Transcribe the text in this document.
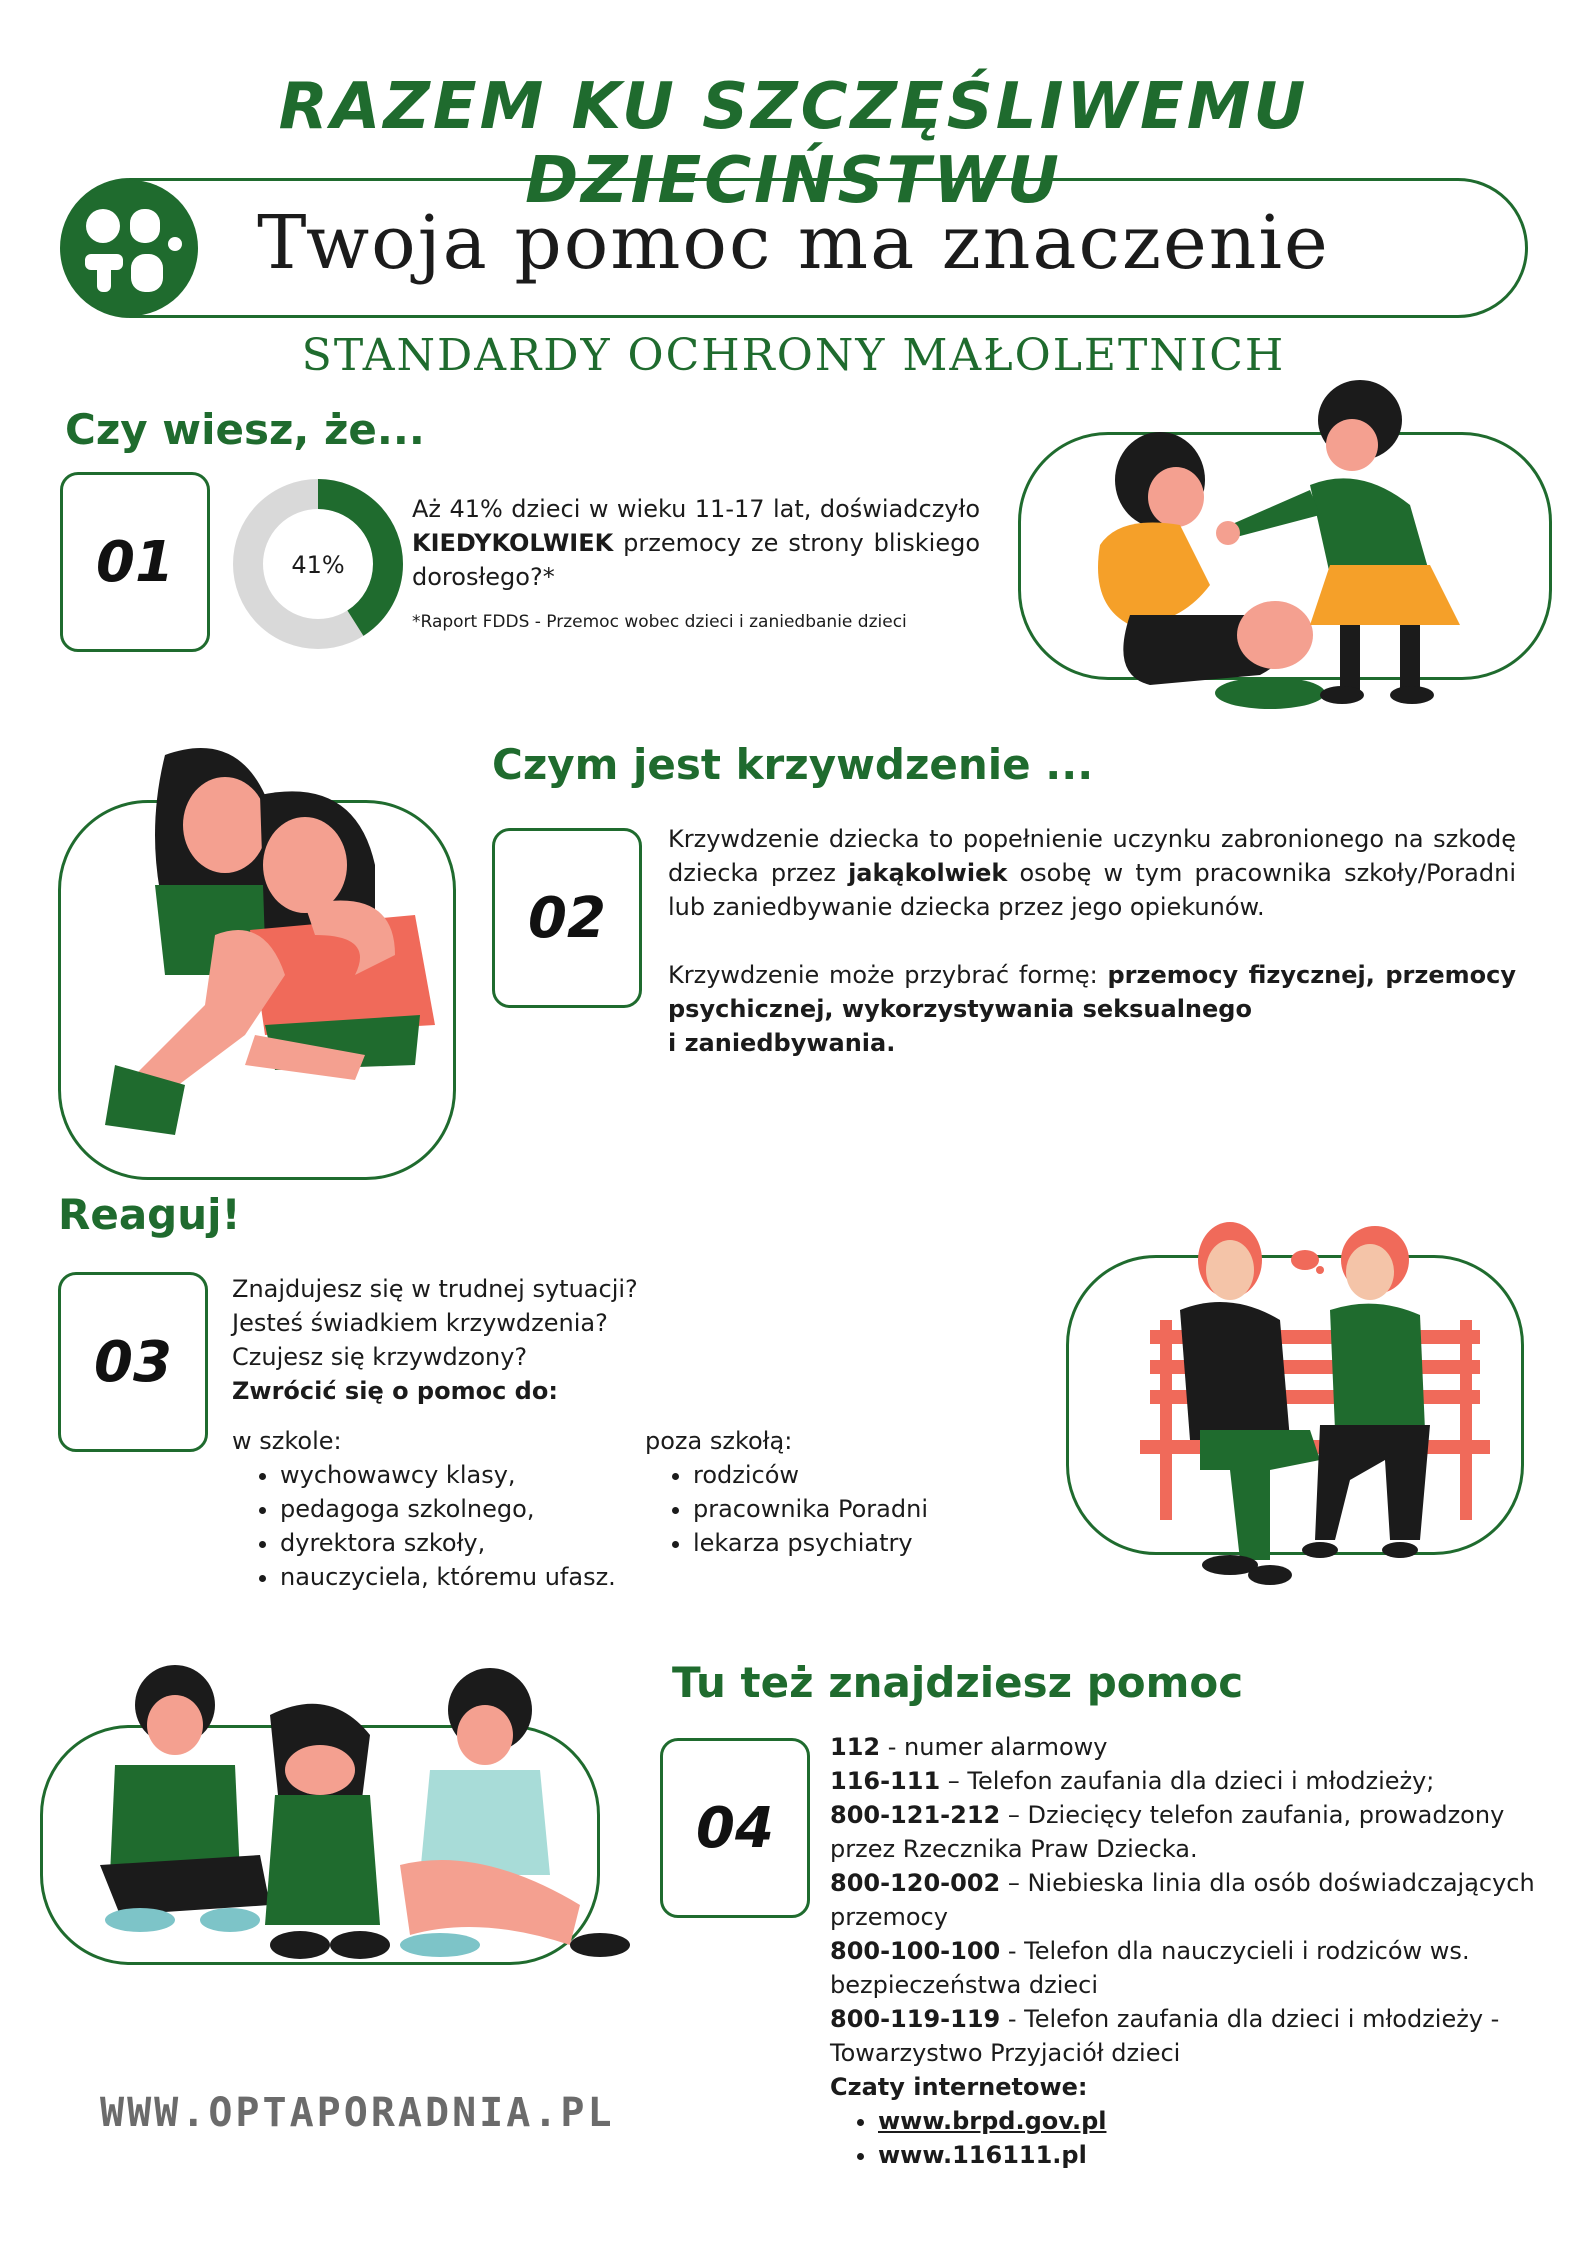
RAZEM KU SZCZĘŚLIWEMU DZIECIŃSTWU
Twoja pomoc ma znaczenie
STANDARDY OCHRONY MAŁOLETNICH
Czy wiesz, że...
01	41%
Aż 41% dzieci w wieku 11-17 lat, doświadczyło KIEDYKOLWIEK przemocy ze strony bliskiego dorosłego?*
*Raport FDDS - Przemoc wobec dzieci i zaniedbanie dzieci
Czym jest krzywdzenie ...
02
Krzywdzenie dziecka to popełnienie uczynku zabronionego na szkodę dziecka przez jakąkolwiek osobę w tym pracownika szkoły/Poradni lub zaniedbywanie dziecka przez jego opiekunów.
Krzywdzenie może przybrać formę: przemocy fizycznej, przemocy
psychicznej, wykorzystywania seksualnego
i zaniedbywania.
Reaguj!
03
Znajdujesz się w trudnej sytuacji?
Jesteś świadkiem krzywdzenia?
Czujesz się krzywdzony?
Zwrócić się o pomoc do:
w szkole:
• wychowawcy klasy,
• pedagoga szkolnego,
• dyrektora szkoły,
• nauczyciela, któremu ufasz.
poza szkołą:
• rodziców
• pracownika Poradni
• lekarza psychiatry
Tu też znajdziesz pomoc
04
112 - numer alarmowy
116-111 – Telefon zaufania dla dzieci i młodzieży;
800-121-212 – Dziecięcy telefon zaufania, prowadzony przez Rzecznika Praw Dziecka.
800-120-002 – Niebieska linia dla osób doświadczających przemocy
800-100-100 - Telefon dla nauczycieli i rodziców ws. bezpieczeństwa dzieci
800-119-119 - Telefon zaufania dla dzieci i młodzieży - Towarzystwo Przyjaciół dzieci
Czaty internetowe:
• www.brpd.gov.pl
• www.116111.pl
WWW.OPTAPORADNIA.PL
